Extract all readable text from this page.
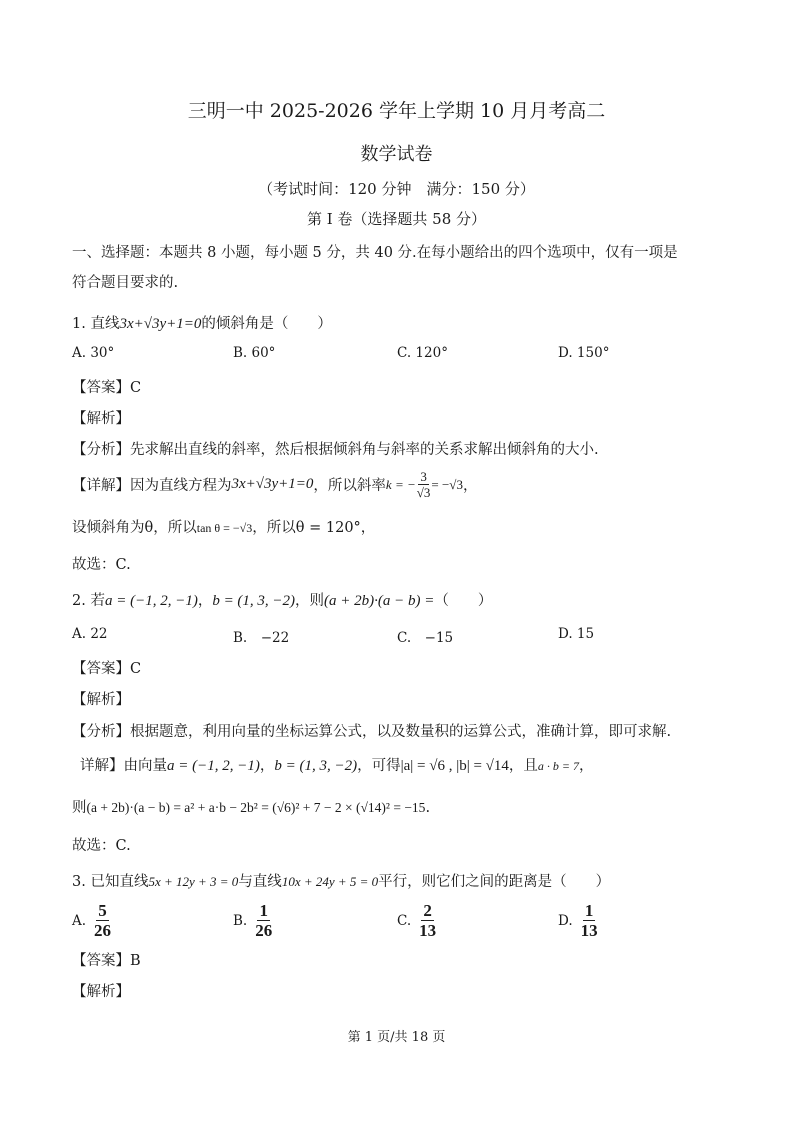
三明一中 2025-2026 学年上学期 10 月月考高二
数学试卷
（考试时间：120 分钟　满分：150 分）
第 I 卷（选择题共 58 分）
一、选择题：本题共 8 小题，每小题 5 分，共 40 分.在每小题给出的四个选项中，仅有一项是
符合题目要求的.
1. 直线3x+√3y+1=0的倾斜角是（　　）
A. 30°	B. 60°	C. 120°	D. 150°
【答案】C
【解析】
【分析】先求解出直线的斜率，然后根据倾斜角与斜率的关系求解出倾斜角的大小.
【详解】因为直线方程为 3x+√3y+1=0 ，所以斜率 k = − $\frac{3}{√3} = -√3$ ，
设倾斜角为θ，所以tan θ = −√3，所以θ = 120°，
故选：C.
2. 若a = (−1, 2, −1)，b = (1, 3, −2)，则(a + 2b)·(a − b) =（　　）
A. 22	B.　−22	C.　−15	D. 15
【答案】C
【解析】
【分析】根据题意，利用向量的坐标运算公式，以及数量积的运算公式，准确计算，即可求解.
详解】由向量a = (−1, 2, −1)，b = (1, 3, −2)，可得|a| = √6 , |b| = √14，且a · b = 7，
则(a + 2b)·(a − b) = a² + a·b − 2b² = (√6)² + 7 − 2 × (√14)² = −15.
故选：C.
3. 已知直线5x + 12y + 3 = 0与直线10x + 24y + 5 = 0平行，则它们之间的距离是（　　）
A. $\frac{5}{26}$	B. $\frac{1}{26}$	C. $\frac{2}{13}$	D. $\frac{1}{13}$
【答案】B
【解析】
第 1 页/共 18 页
